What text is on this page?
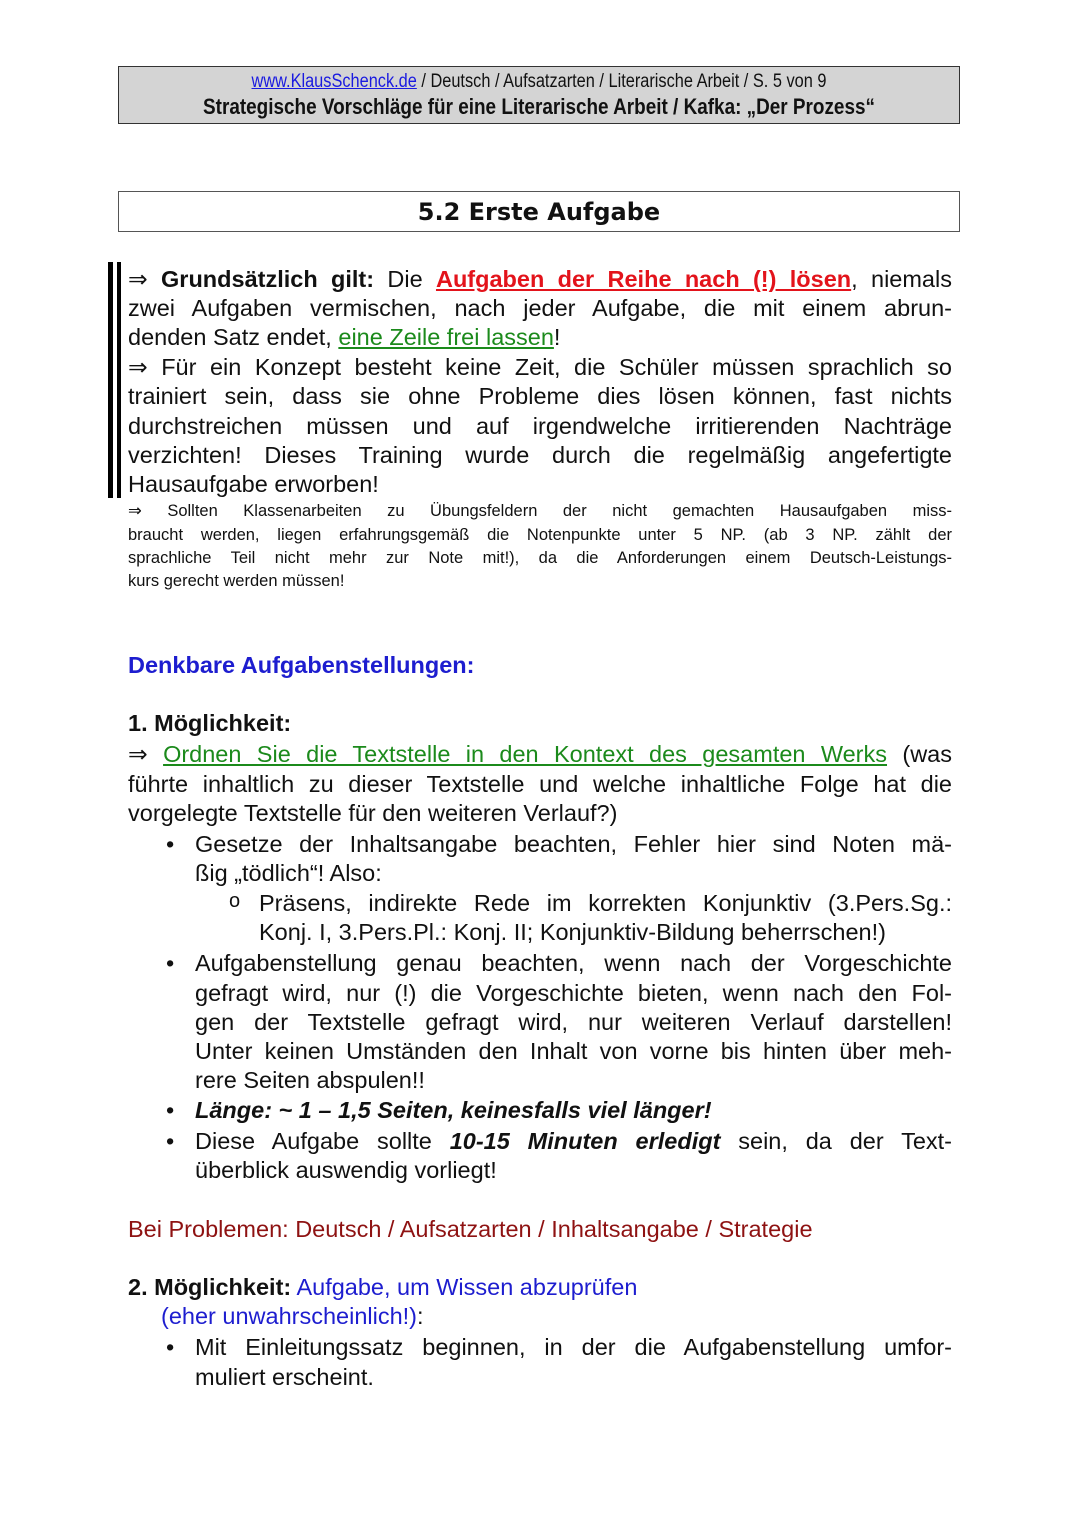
www.KlausSchenck.de / Deutsch / Aufsatzarten / Literarische Arbeit / S. 5 von 9
Strategische Vorschläge für eine Literarische Arbeit / Kafka: „Der Prozess“
5.2 Erste Aufgabe
⇒ Grundsätzlich gilt: Die Aufgaben der Reihe nach (!) lösen, niemals
zwei Aufgaben vermischen, nach jeder Aufgabe, die mit einem abrun-
denden Satz endet, eine Zeile frei lassen!
⇒ Für ein Konzept besteht keine Zeit, die Schüler müssen sprachlich so
trainiert sein, dass sie ohne Probleme dies lösen können, fast nichts
durchstreichen müssen und auf irgendwelche irritierenden Nachträge
verzichten! Dieses Training wurde durch die regelmäßig angefertigte
Hausaufgabe erworben!
⇒ Sollten Klassenarbeiten zu Übungsfeldern der nicht gemachten Hausaufgaben miss-
braucht werden, liegen erfahrungsgemäß die Notenpunkte unter 5 NP. (ab 3 NP. zählt der
sprachliche Teil nicht mehr zur Note mit!), da die Anforderungen einem Deutsch-Leistungs-
kurs gerecht werden müssen!
Denkbare Aufgabenstellungen:
1. Möglichkeit:
⇒ Ordnen Sie die Textstelle in den Kontext des gesamten Werks (was
führte inhaltlich zu dieser Textstelle und welche inhaltliche Folge hat die
vorgelegte Textstelle für den weiteren Verlauf?)
• Gesetze der Inhaltsangabe beachten, Fehler hier sind Noten mä-
ßig „tödlich“! Also:
o Präsens, indirekte Rede im korrekten Konjunktiv (3.Pers.Sg.:
Konj. I, 3.Pers.Pl.: Konj. II; Konjunktiv-Bildung beherrschen!)
• Aufgabenstellung genau beachten, wenn nach der Vorgeschichte
gefragt wird, nur (!) die Vorgeschichte bieten, wenn nach den Fol-
gen der Textstelle gefragt wird, nur weiteren Verlauf darstellen!
Unter keinen Umständen den Inhalt von vorne bis hinten über meh-
rere Seiten abspulen!!
• Länge: ~ 1 – 1,5 Seiten, keinesfalls viel länger!
• Diese Aufgabe sollte 10-15 Minuten erledigt sein, da der Text-
überblick auswendig vorliegt!
Bei Problemen: Deutsch / Aufsatzarten / Inhaltsangabe / Strategie
2. Möglichkeit: Aufgabe, um Wissen abzuprüfen
(eher unwahrscheinlich!):
• Mit Einleitungssatz beginnen, in der die Aufgabenstellung umfor-
muliert erscheint.
